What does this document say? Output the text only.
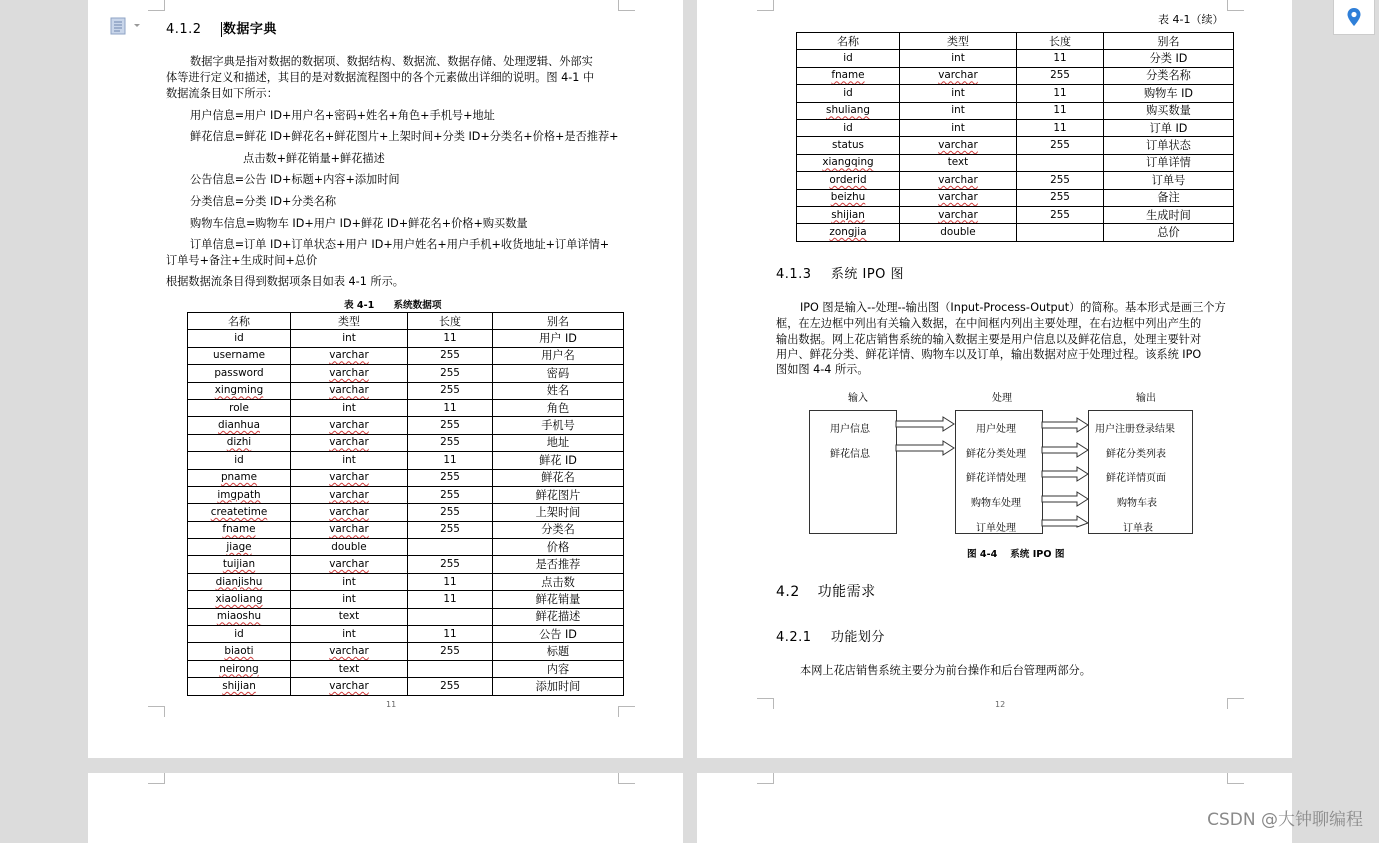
4.1.2 数据字典
数据字典是指对数据的数据项、数据结构、数据流、数据存储、处理逻辑、外部实
体等进行定义和描述，其目的是对数据流程图中的各个元素做出详细的说明。图 4-1 中
数据流条目如下所示：
用户信息=用户 ID+用户名+密码+姓名+角色+手机号+地址
鲜花信息=鲜花 ID+鲜花名+鲜花图片+上架时间+分类 ID+分类名+价格+是否推荐+
点击数+鲜花销量+鲜花描述
公告信息=公告 ID+标题+内容+添加时间
分类信息=分类 ID+分类名称
购物车信息=购物车 ID+用户 ID+鲜花 ID+鲜花名+价格+购买数量
订单信息=订单 ID+订单状态+用户 ID+用户姓名+用户手机+收货地址+订单详情+
订单号+备注+生成时间+总价
根据数据流条目得到数据项条目如表 4-1 所示。
表 4-1　　系统数据项
名称	类型	长度	别名
id	int	11	用户 ID
username	varchar	255	用户名
password	varchar	255	密码
xingming	varchar	255	姓名
role	int	11	角色
dianhua	varchar	255	手机号
dizhi	varchar	255	地址
id	int	11	鲜花 ID
pname	varchar	255	鲜花名
imgpath	varchar	255	鲜花图片
createtime	varchar	255	上架时间
fname	varchar	255	分类名
jiage	double		价格
tuijian	varchar	255	是否推荐
dianjishu	int	11	点击数
xiaoliang	int	11	鲜花销量
miaoshu	text		鲜花描述
id	int	11	公告 ID
biaoti	varchar	255	标题
neirong	text		内容
shijian	varchar	255	添加时间
11
表 4-1（续）
名称	类型	长度	别名
id	int	11	分类 ID
fname	varchar	255	分类名称
id	int	11	购物车 ID
shuliang	int	11	购买数量
id	int	11	订单 ID
status	varchar	255	订单状态
xiangqing	text		订单详情
orderid	varchar	255	订单号
beizhu	varchar	255	备注
shijian	varchar	255	生成时间
zongjia	double		总价
4.1.3 系统 IPO 图
IPO 图是输入--处理--输出图（Input-Process-Output）的简称。基本形式是画三个方
框，在左边框中列出有关输入数据，在中间框内列出主要处理，在右边框中列出产生的
输出数据。网上花店销售系统的输入数据主要是用户信息以及鲜花信息，处理主要针对
用户、鲜花分类、鲜花详情、购物车以及订单，输出数据对应于处理过程。该系统 IPO
图如图 4-4 所示。
输入	处理	输出
用户信息
鲜花信息
用户处理
鲜花分类处理
鲜花详情处理
购物车处理
订单处理
用户注册登录结果
鲜花分类列表
鲜花详情页面
购物车表
订单表
图 4-4　 系统 IPO 图
4.2 功能需求
4.2.1 功能划分
本网上花店销售系统主要分为前台操作和后台管理两部分。
12
CSDN @大钟聊编程
